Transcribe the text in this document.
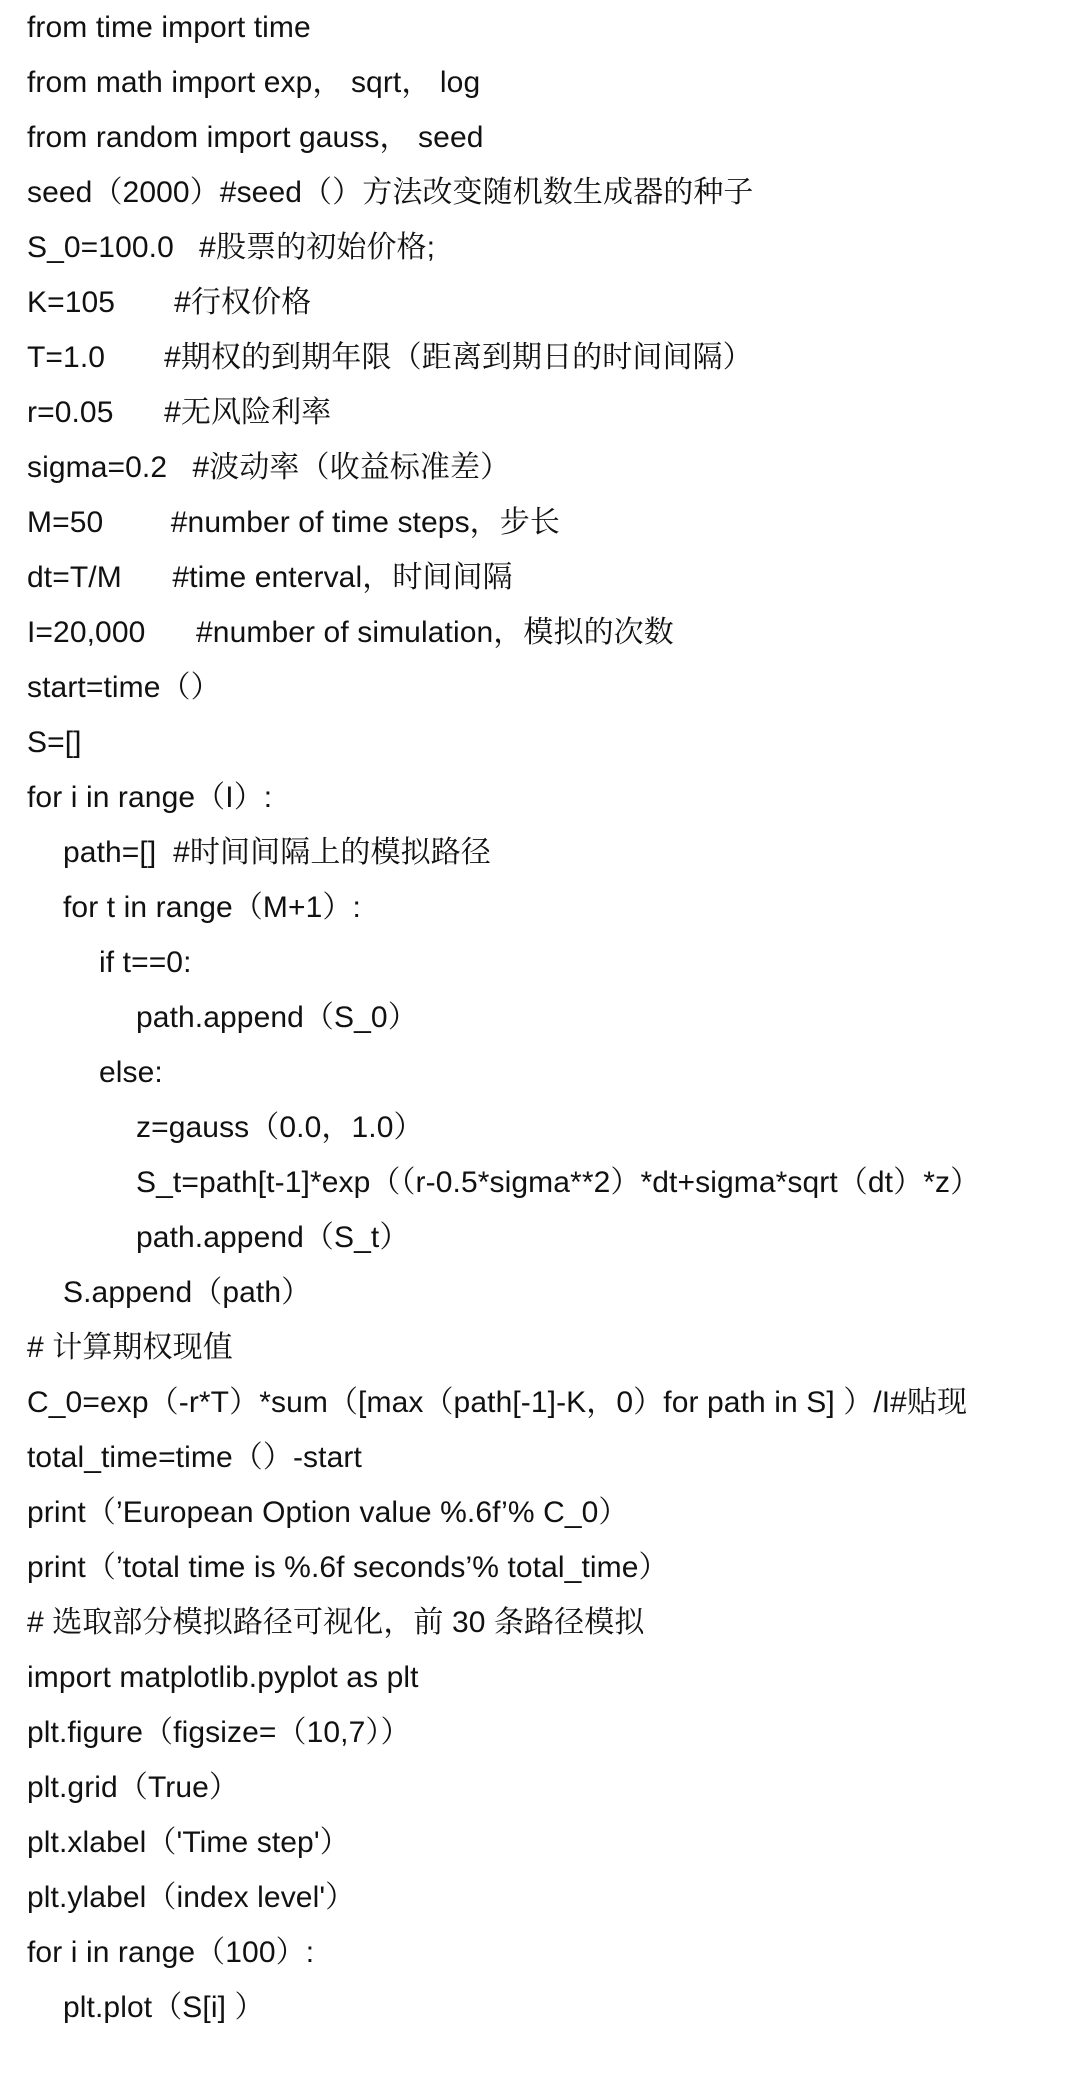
from time import time
from math import exp， sqrt， log
from random import gauss， seed
seed（2000）#seed（）方法改变随机数生成器的种子
S_0=100.0   #股票的初始价格;
K=105       #行权价格
T=1.0       #期权的到期年限（距离到期日的时间间隔）
r=0.05      #无风险利率
sigma=0.2   #波动率（收益标准差）
M=50        #number of time steps，步长
dt=T/M      #time enterval，时间间隔
I=20,000      #number of simulation，模拟的次数
start=time（）
S=[]
for i in range（I）:
path=[]  #时间间隔上的模拟路径
for t in range（M+1）:
if t==0:
path.append（S_0）
else:
z=gauss（0.0，1.0）
S_t=path[t-1]*exp（（r-0.5*sigma**2）*dt+sigma*sqrt（dt）*z）
path.append（S_t）
S.append（path）
# 计算期权现值
C_0=exp（-r*T）*sum（[max（path[-1]-K，0）for path in S] ）/I#贴现
total_time=time（）-start
print（’European Option value %.6f’% C_0）
print（’total time is %.6f seconds’% total_time）
# 选取部分模拟路径可视化，前 30 条路径模拟
import matplotlib.pyplot as plt
plt.figure（figsize=（10,7））
plt.grid（True）
plt.xlabel（'Time step'）
plt.ylabel（index level'）
for i in range（100）:
plt.plot（S[i] ）
